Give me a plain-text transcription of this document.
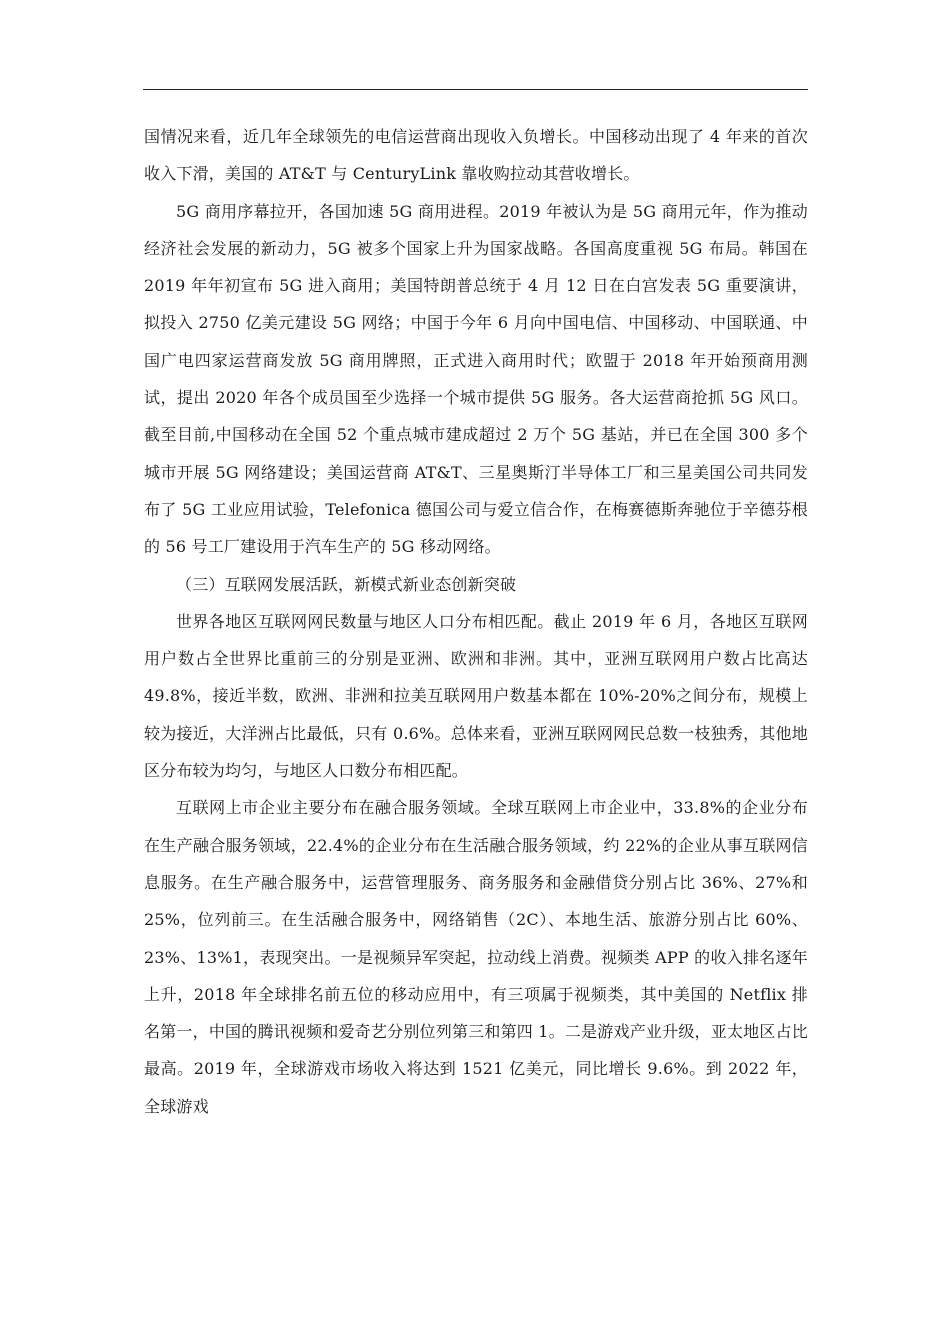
国情况来看，近几年全球领先的电信运营商出现收入负增长。中国移动出现了 4 年来的首次收入下滑，美国的 AT&T 与 CenturyLink 靠收购拉动其营收增长。

5G 商用序幕拉开，各国加速 5G 商用进程。2019 年被认为是 5G 商用元年，作为推动经济社会发展的新动力，5G 被多个国家上升为国家战略。各国高度重视 5G 布局。韩国在 2019 年年初宣布 5G 进入商用；美国特朗普总统于 4 月 12 日在白宫发表 5G 重要演讲，拟投入 2750 亿美元建设 5G 网络；中国于今年 6 月向中国电信、中国移动、中国联通、中国广电四家运营商发放 5G 商用牌照，正式进入商用时代；欧盟于 2018 年开始预商用测试，提出 2020 年各个成员国至少选择一个城市提供 5G 服务。各大运营商抢抓 5G 风口。截至目前,中国移动在全国 52 个重点城市建成超过 2 万个 5G 基站，并已在全国 300 多个城市开展 5G 网络建设；美国运营商 AT&T、三星奥斯汀半导体工厂和三星美国公司共同发布了 5G 工业应用试验，Telefonica 德国公司与爱立信合作，在梅赛德斯奔驰位于辛德芬根的 56 号工厂建设用于汽车生产的 5G 移动网络。

（三）互联网发展活跃，新模式新业态创新突破

世界各地区互联网网民数量与地区人口分布相匹配。截止 2019 年 6 月，各地区互联网用户数占全世界比重前三的分别是亚洲、欧洲和非洲。其中，亚洲互联网用户数占比高达 49.8%，接近半数，欧洲、非洲和拉美互联网用户数基本都在 10%-20%之间分布，规模上较为接近，大洋洲占比最低，只有 0.6%。总体来看，亚洲互联网网民总数一枝独秀，其他地区分布较为均匀，与地区人口数分布相匹配。

互联网上市企业主要分布在融合服务领域。全球互联网上市企业中，33.8%的企业分布在生产融合服务领域，22.4%的企业分布在生活融合服务领域，约 22%的企业从事互联网信息服务。在生产融合服务中，运营管理服务、商务服务和金融借贷分别占比 36%、27%和 25%，位列前三。在生活融合服务中，网络销售（2C）、本地生活、旅游分别占比 60%、23%、13%1，表现突出。一是视频异军突起，拉动线上消费。视频类 APP 的收入排名逐年上升，2018 年全球排名前五位的移动应用中，有三项属于视频类，其中美国的 Netflix 排名第一，中国的腾讯视频和爱奇艺分别位列第三和第四 1。二是游戏产业升级，亚太地区占比最高。2019 年，全球游戏市场收入将达到 1521 亿美元，同比增长 9.6%。到 2022 年，全球游戏
